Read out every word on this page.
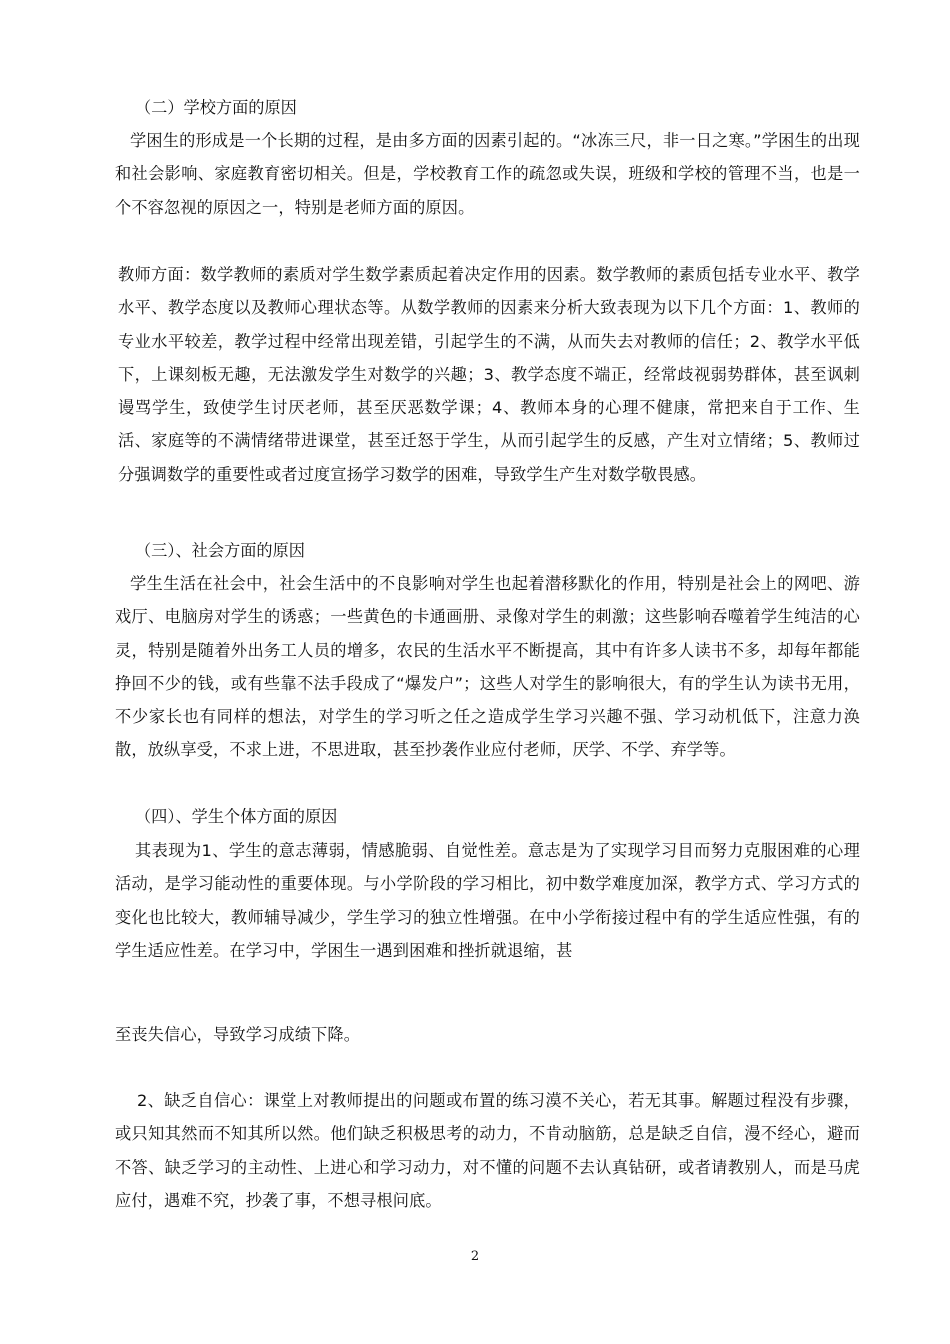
（二）学校方面的原因

学困生的形成是一个长期的过程，是由多方面的因素引起的。“冰冻三尺，非一日之寒。”学困生的出现和社会影响、家庭教育密切相关。但是，学校教育工作的疏忽或失误，班级和学校的管理不当，也是一个不容忽视的原因之一，特别是老师方面的原因。

教师方面：数学教师的素质对学生数学素质起着决定作用的因素。数学教师的素质包括专业水平、教学水平、教学态度以及教师心理状态等。从数学教师的因素来分析大致表现为以下几个方面：1、教师的专业水平较差，教学过程中经常出现差错，引起学生的不满，从而失去对教师的信任；2、教学水平低下，上课刻板无趣，无法激发学生对数学的兴趣；3、教学态度不端正，经常歧视弱势群体，甚至讽刺谩骂学生，致使学生讨厌老师，甚至厌恶数学课；4、教师本身的心理不健康，常把来自于工作、生活、家庭等的不满情绪带进课堂，甚至迁怒于学生，从而引起学生的反感，产生对立情绪；5、教师过分强调数学的重要性或者过度宣扬学习数学的困难，导致学生产生对数学敬畏感。

（三）、社会方面的原因

学生生活在社会中，社会生活中的不良影响对学生也起着潜移默化的作用，特别是社会上的网吧、游戏厅、电脑房对学生的诱惑；一些黄色的卡通画册、录像对学生的刺激；这些影响吞噬着学生纯洁的心灵，特别是随着外出务工人员的增多，农民的生活水平不断提高，其中有许多人读书不多，却每年都能挣回不少的钱，或有些靠不法手段成了“爆发户”；这些人对学生的影响很大，有的学生认为读书无用，不少家长也有同样的想法，对学生的学习听之任之造成学生学习兴趣不强、学习动机低下，注意力涣散，放纵享受，不求上进，不思进取，甚至抄袭作业应付老师，厌学、不学、弃学等。

（四）、学生个体方面的原因

其表现为1、学生的意志薄弱，情感脆弱、自觉性差。意志是为了实现学习目而努力克服困难的心理活动，是学习能动性的重要体现。与小学阶段的学习相比，初中数学难度加深，教学方式、学习方式的变化也比较大，教师辅导减少，学生学习的独立性增强。在中小学衔接过程中有的学生适应性强，有的学生适应性差。在学习中，学困生一遇到困难和挫折就退缩，甚

至丧失信心，导致学习成绩下降。

2、缺乏自信心：课堂上对教师提出的问题或布置的练习漠不关心，若无其事。解题过程没有步骤，或只知其然而不知其所以然。他们缺乏积极思考的动力，不肯动脑筋，总是缺乏自信，漫不经心，避而不答、缺乏学习的主动性、上进心和学习动力，对不懂的问题不去认真钻研，或者请教别人，而是马虎应付，遇难不究，抄袭了事，不想寻根问底。

2
